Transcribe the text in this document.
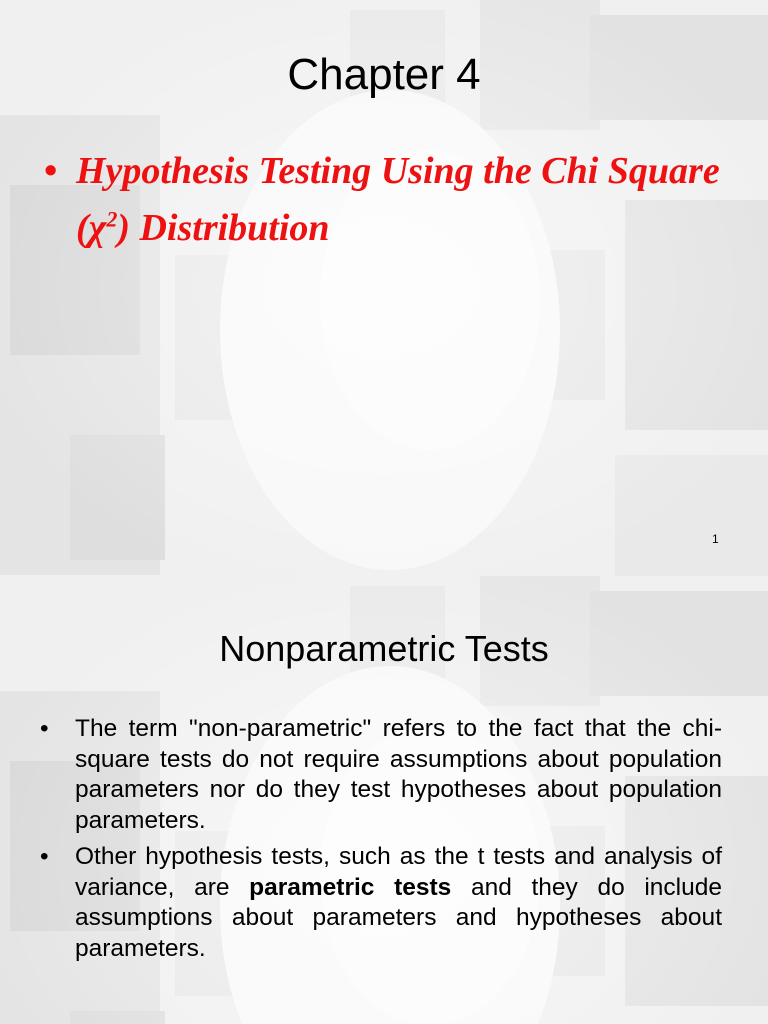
Chapter 4
• Hypothesis Testing Using the Chi Square $(\chi^2)$ Distribution
1
Nonparametric Tests
• The term "non-parametric" refers to the fact that the chi-square tests do not require assumptions about population parameters nor do they test hypotheses about population parameters.
• Other hypothesis tests, such as the t tests and analysis of variance, are parametric tests and they do include assumptions about parameters and hypotheses about parameters.
